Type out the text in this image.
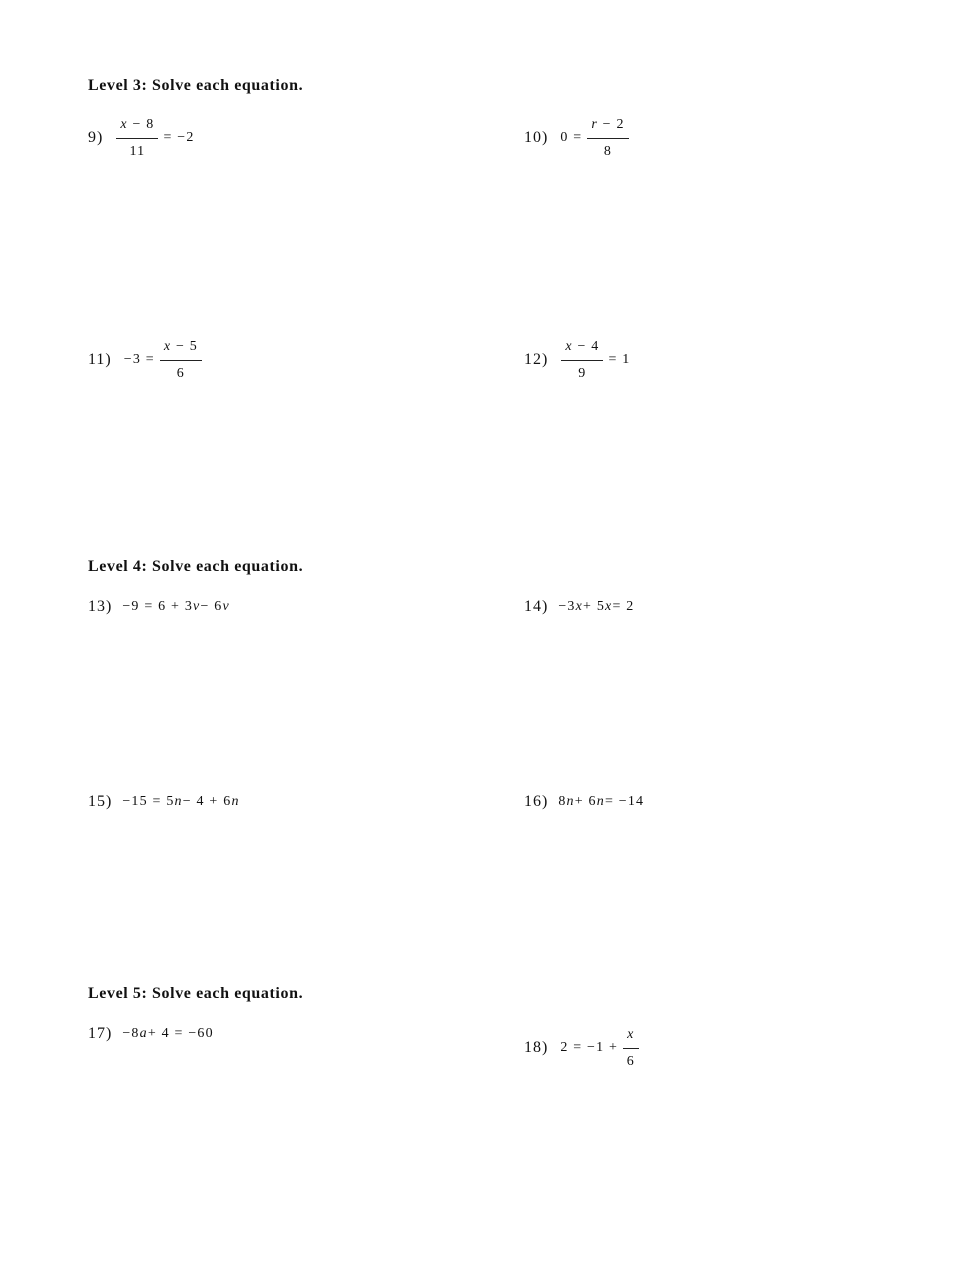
Level 3: Solve each equation.
$9) \frac{x - 8}{11} = -2$	10) $0 = \frac{r - 2}{8}$
$11) -3 = \frac{x - 5}{6}$	$12) \frac{x - 4}{9} = 1$
Level 4: Solve each equation.
13) −9 = 6 + 3 v − 6 v	14) −3 x + 5 x = 2
15) −15 = 5 n − 4 + 6 n	16) 8 n + 6 n = −14
Level 5: Solve each equation.
17) −8 a + 4 = −60
18) $2 = -1 + \frac{x}{6}$
